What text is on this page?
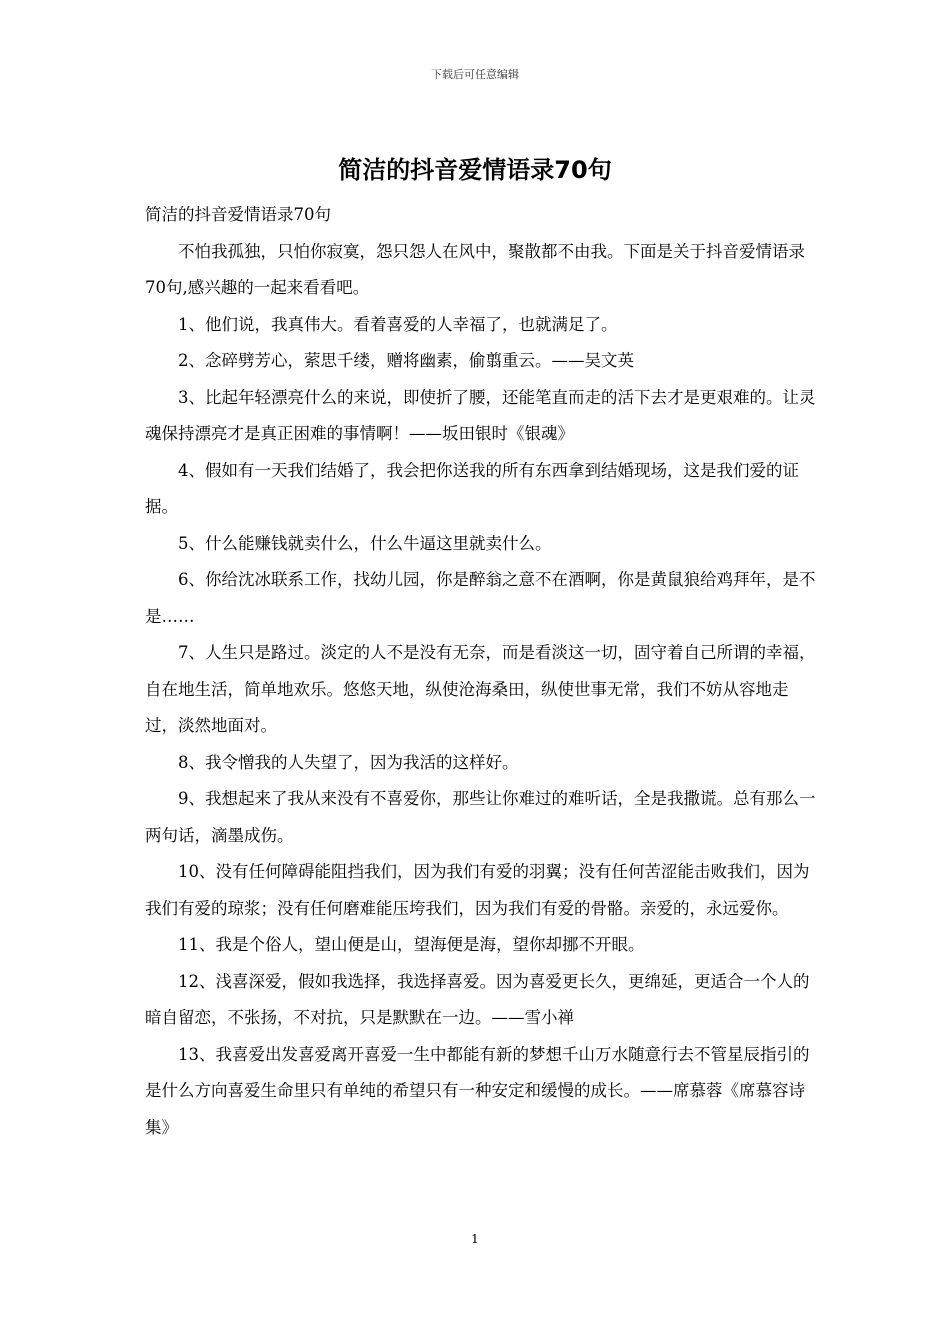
下载后可任意编辑
简洁的抖音爱情语录70句

简洁的抖音爱情语录70句

不怕我孤独，只怕你寂寞，怨只怨人在风中，聚散都不由我。下面是关于抖音爱情语录70句,感兴趣的一起来看看吧。

1、他们说，我真伟大。看着喜爱的人幸福了，也就满足了。

2、念碎劈芳心，萦思千缕，赠将幽素，偷翦重云。——吴文英

3、比起年轻漂亮什么的来说，即使折了腰，还能笔直而走的活下去才是更艰难的。让灵魂保持漂亮才是真正困难的事情啊！——坂田银时《银魂》

4、假如有一天我们结婚了，我会把你送我的所有东西拿到结婚现场，这是我们爱的证据。

5、什么能赚钱就卖什么，什么牛逼这里就卖什么。

6、你给沈冰联系工作，找幼儿园，你是醉翁之意不在酒啊，你是黄鼠狼给鸡拜年，是不是……

7、人生只是路过。淡定的人不是没有无奈，而是看淡这一切，固守着自己所谓的幸福，自在地生活，简单地欢乐。悠悠天地，纵使沧海桑田，纵使世事无常，我们不妨从容地走过，淡然地面对。

8、我令憎我的人失望了，因为我活的这样好。

9、我想起来了我从来没有不喜爱你，那些让你难过的难听话，全是我撒谎。总有那么一两句话，滴墨成伤。

10、没有任何障碍能阻挡我们，因为我们有爱的羽翼；没有任何苦涩能击败我们，因为我们有爱的琼浆；没有任何磨难能压垮我们，因为我们有爱的骨骼。亲爱的，永远爱你。

11、我是个俗人，望山便是山，望海便是海，望你却挪不开眼。

12、浅喜深爱，假如我选择，我选择喜爱。因为喜爱更长久，更绵延，更适合一个人的暗自留恋，不张扬，不对抗，只是默默在一边。——雪小禅

13、我喜爱出发喜爱离开喜爱一生中都能有新的梦想千山万水随意行去不管星辰指引的是什么方向喜爱生命里只有单纯的希望只有一种安定和缓慢的成长。——席慕蓉《席慕容诗集》

1
